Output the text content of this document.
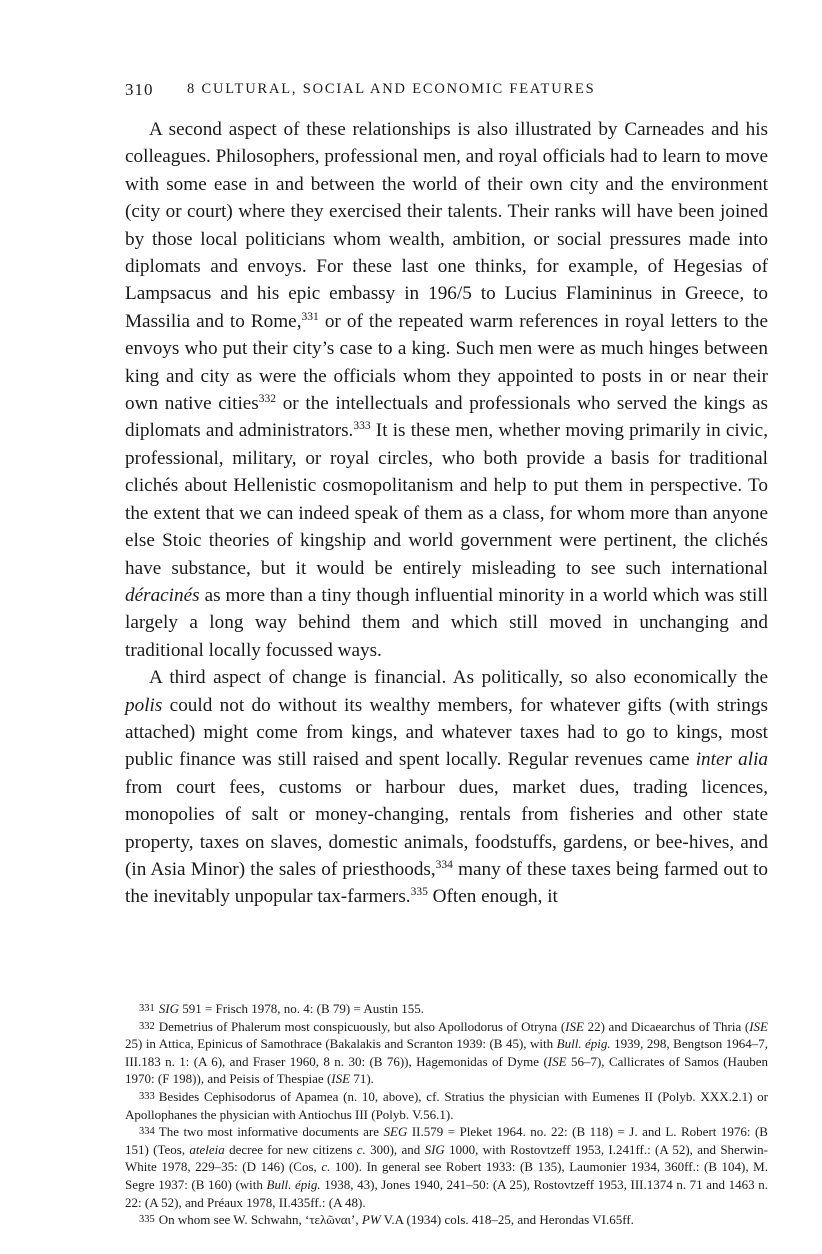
310 8 CULTURAL, SOCIAL AND ECONOMIC FEATURES

A second aspect of these relationships is also illustrated by Carneades and his colleagues. Philosophers, professional men, and royal officials had to learn to move with some ease in and between the world of their own city and the environment (city or court) where they exercised their talents. Their ranks will have been joined by those local politicians whom wealth, ambition, or social pressures made into diplomats and envoys. For these last one thinks, for example, of Hegesias of Lampsacus and his epic embassy in 196/5 to Lucius Flamininus in Greece, to Massilia and to Rome,$^{331}$ or of the repeated warm references in royal letters to the envoys who put their city’s case to a king. Such men were as much hinges between king and city as were the officials whom they appointed to posts in or near their own native cities$^{332}$ or the intellectuals and professionals who served the kings as diplomats and administrators.$^{333}$ It is these men, whether moving primarily in civic, professional, military, or royal circles, who both provide a basis for traditional clichés about Hellenistic cosmopolitanism and help to put them in perspective. To the extent that we can indeed speak of them as a class, for whom more than anyone else Stoic theories of kingship and world government were pertinent, the clichés have substance, but it would be entirely misleading to see such international déracinés as more than a tiny though influential minority in a world which was still largely a long way behind them and which still moved in unchanging and traditional locally focussed ways.

A third aspect of change is financial. As politically, so also economically the polis could not do without its wealthy members, for whatever gifts (with strings attached) might come from kings, and whatever taxes had to go to kings, most public finance was still raised and spent locally. Regular revenues came inter alia from court fees, customs or harbour dues, market dues, trading licences, monopolies of salt or money-changing, rentals from fisheries and other state property, taxes on slaves, domestic animals, foodstuffs, gardens, or bee-hives, and (in Asia Minor) the sales of priesthoods,$^{334}$ many of these taxes being farmed out to the inevitably unpopular tax-farmers.$^{335}$ Often enough, it

331 SIG 591 = Frisch 1978, no. 4: (B 79) = Austin 155.

332 Demetrius of Phalerum most conspicuously, but also Apollodorus of Otryna (ISE 22) and Dicaearchus of Thria (ISE 25) in Attica, Epinicus of Samothrace (Bakalakis and Scranton 1939: (B 45), with Bull. épig. 1939, 298, Bengtson 1964–7, III.183 n. 1: (A 6), and Fraser 1960, 8 n. 30: (B 76)), Hagemonidas of Dyme (ISE 56–7), Callicrates of Samos (Hauben 1970: (F 198)), and Peisis of Thespiae (ISE 71).

333 Besides Cephisodorus of Apamea (n. 10, above), cf. Stratius the physician with Eumenes II (Polyb. XXX.2.1) or Apollophanes the physician with Antiochus III (Polyb. V.56.1).

334 The two most informative documents are SEG II.579 = Pleket 1964. no. 22: (B 118) = J. and L. Robert 1976: (B 151) (Teos, ateleia decree for new citizens c. 300), and SIG 1000, with Rostovtzeff 1953, I.241ff.: (A 52), and Sherwin-White 1978, 229–35: (D 146) (Cos, c. 100). In general see Robert 1933: (B 135), Laumonier 1934, 360ff.: (B 104), M. Segre 1937: (B 160) (with Bull. épig. 1938, 43), Jones 1940, 241–50: (A 25), Rostovtzeff 1953, III.1374 n. 71 and 1463 n. 22: (A 52), and Préaux 1978, II.435ff.: (A 48).

335 On whom see W. Schwahn, ‘τελῶναι’, PW V.A (1934) cols. 418–25, and Herondas VI.65ff.
